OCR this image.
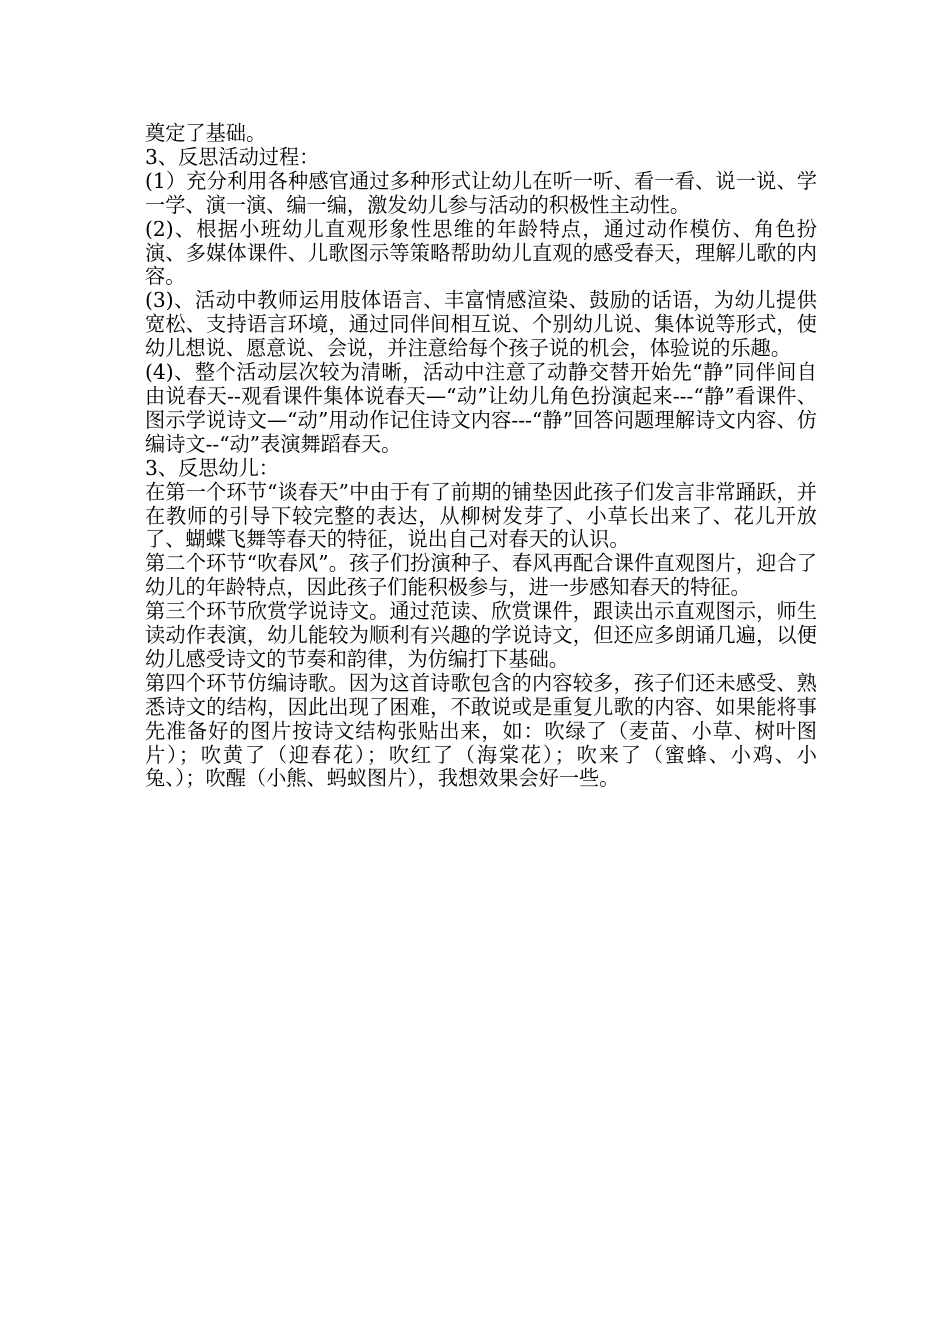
奠定了基础。

3、反思活动过程：

(1）充分利用各种感官通过多种形式让幼儿在听一听、看一看、说一说、学一学、演一演、编一编，激发幼儿参与活动的积极性主动性。

(2)、根据小班幼儿直观形象性思维的年龄特点，通过动作模仿、角色扮演、多媒体课件、儿歌图示等策略帮助幼儿直观的感受春天，理解儿歌的内容。

(3)、活动中教师运用肢体语言、丰富情感渲染、鼓励的话语，为幼儿提供宽松、支持语言环境，通过同伴间相互说、个别幼儿说、集体说等形式，使幼儿想说、愿意说、会说，并注意给每个孩子说的机会，体验说的乐趣。

(4)、整个活动层次较为清晰，活动中注意了动静交替开始先“静”同伴间自由说春天--观看课件集体说春天—“动”让幼儿角色扮演起来---“静”看课件、图示学说诗文—“动”用动作记住诗文内容---“静”回答问题理解诗文内容、仿编诗文--“动”表演舞蹈春天。

3、反思幼儿：

在第一个环节“谈春天”中由于有了前期的铺垫因此孩子们发言非常踊跃，并在教师的引导下较完整的表达，从柳树发芽了、小草长出来了、花儿开放了、蝴蝶飞舞等春天的特征，说出自己对春天的认识。

第二个环节“吹春风”。孩子们扮演种子、春风再配合课件直观图片，迎合了幼儿的年龄特点，因此孩子们能积极参与，进一步感知春天的特征。

第三个环节欣赏学说诗文。通过范读、欣赏课件，跟读出示直观图示，师生读动作表演，幼儿能较为顺利有兴趣的学说诗文，但还应多朗诵几遍，以便幼儿感受诗文的节奏和韵律，为仿编打下基础。

第四个环节仿编诗歌。因为这首诗歌包含的内容较多，孩子们还未感受、熟悉诗文的结构，因此出现了困难，不敢说或是重复儿歌的内容、如果能将事先准备好的图片按诗文结构张贴出来，如：吹绿了（麦苗、小草、树叶图片）；吹黄了（迎春花）；吹红了（海棠花）；吹来了（蜜蜂、小鸡、小兔、）；吹醒（小熊、蚂蚁图片），我想效果会好一些。
